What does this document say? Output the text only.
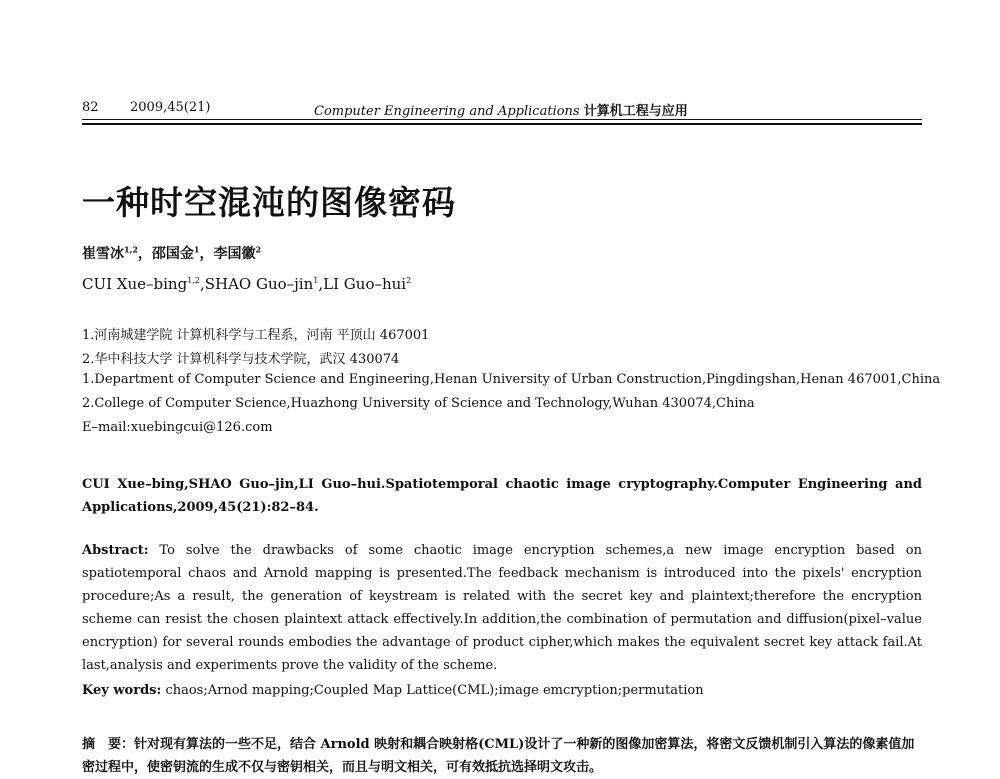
82 2009,45(21)	Computer Engineering and Applications 计算机工程与应用
一种时空混沌的图像密码
崔雪冰$^{1,2}$，邵国金$^1$，李国徽$^2$
CUI Xue–bing$^{1,2}$,SHAO Guo–jin$^1$,LI Guo–hui$^2$
1.河南城建学院 计算机科学与工程系，河南 平顶山 467001
2.华中科技大学 计算机科学与技术学院，武汉 430074
1.Department of Computer Science and Engineering,Henan University of Urban Construction,Pingdingshan,Henan 467001,China
2.College of Computer Science,Huazhong University of Science and Technology,Wuhan 430074,China
E–mail:xuebingcui@126.com
CUI Xue–bing,SHAO Guo–jin,LI Guo–hui.Spatiotemporal chaotic image cryptography.Computer Engineering and Applications,2009,45(21):82–84.
Abstract: To solve the drawbacks of some chaotic image encryption schemes,a new image encryption based on spatiotemporal chaos and Arnold mapping is presented.The feedback mechanism is introduced into the pixels' encryption procedure;As a result, the generation of keystream is related with the secret key and plaintext;therefore the encryption scheme can resist the chosen plaintext attack effectively.In addition,the combination of permutation and diffusion(pixel–value encryption) for several rounds embodies the advantage of product cipher,which makes the equivalent secret key attack fail.At last,analysis and experiments prove the validity of the scheme.
Key words: chaos;Arnod mapping;Coupled Map Lattice(CML);image emcryption;permutation
摘　要：针对现有算法的一些不足，结合 Arnold 映射和耦合映射格(CML)设计了一种新的图像加密算法，将密文反馈机制引入算法的像素值加密过程中，使密钥流的生成不仅与密钥相关，而且与明文相关，可有效抵抗选择明文攻击。
